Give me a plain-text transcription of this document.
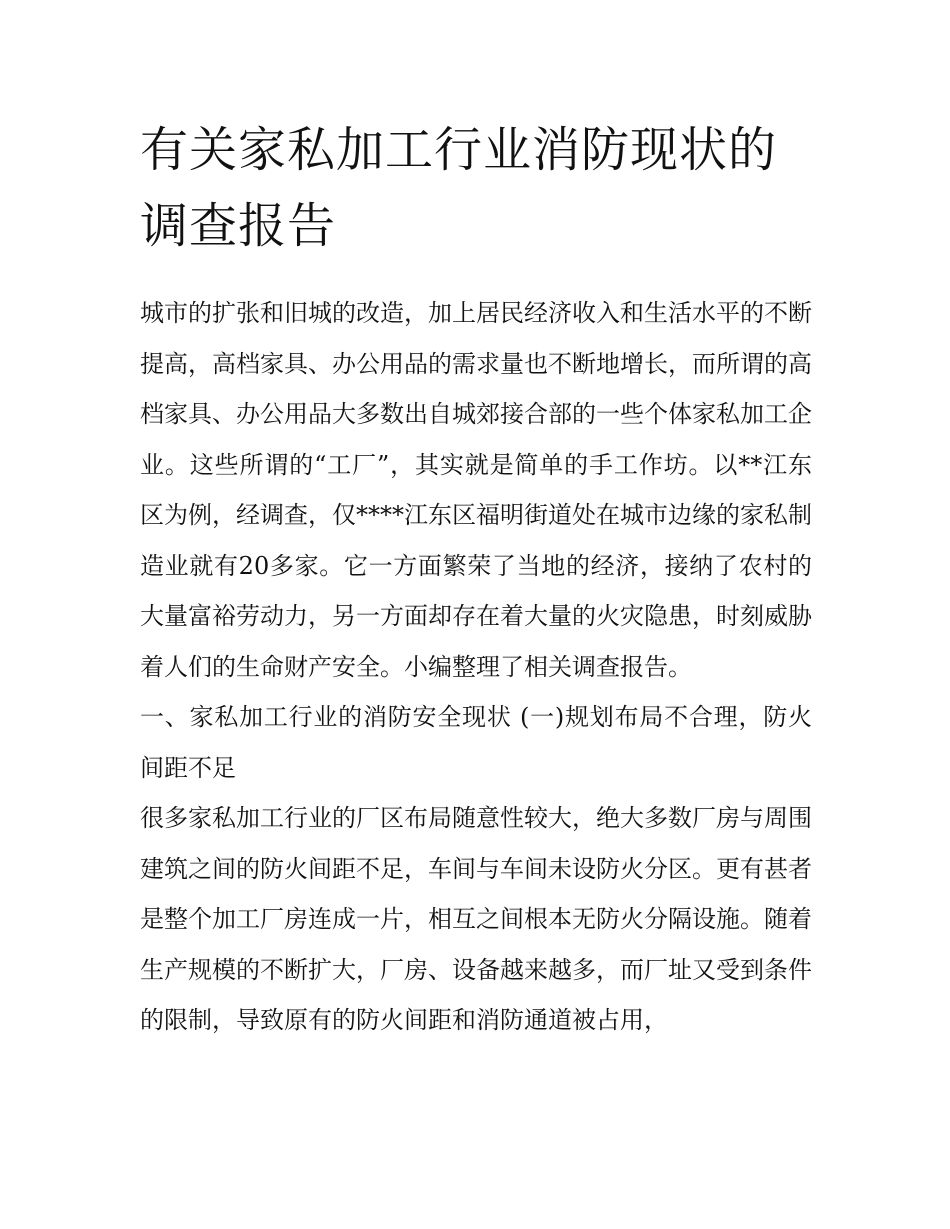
有关家私加工行业消防现状的调查报告

城市的扩张和旧城的改造，加上居民经济收入和生活水平的不断提高，高档家具、办公用品的需求量也不断地增长，而所谓的高档家具、办公用品大多数出自城郊接合部的一些个体家私加工企业。这些所谓的“工厂”，其实就是简单的手工作坊。以**江东区为例，经调查，仅****江东区福明街道处在城市边缘的家私制造业就有20多家。它一方面繁荣了当地的经济，接纳了农村的大量富裕劳动力，另一方面却存在着大量的火灾隐患，时刻威胁着人们的生命财产安全。小编整理了相关调查报告。

一、家私加工行业的消防安全现状 (一)规划布局不合理，防火间距不足

很多家私加工行业的厂区布局随意性较大，绝大多数厂房与周围建筑之间的防火间距不足，车间与车间未设防火分区。更有甚者是整个加工厂房连成一片，相互之间根本无防火分隔设施。随着生产规模的不断扩大，厂房、设备越来越多，而厂址又受到条件的限制，导致原有的防火间距和消防通道被占用，
